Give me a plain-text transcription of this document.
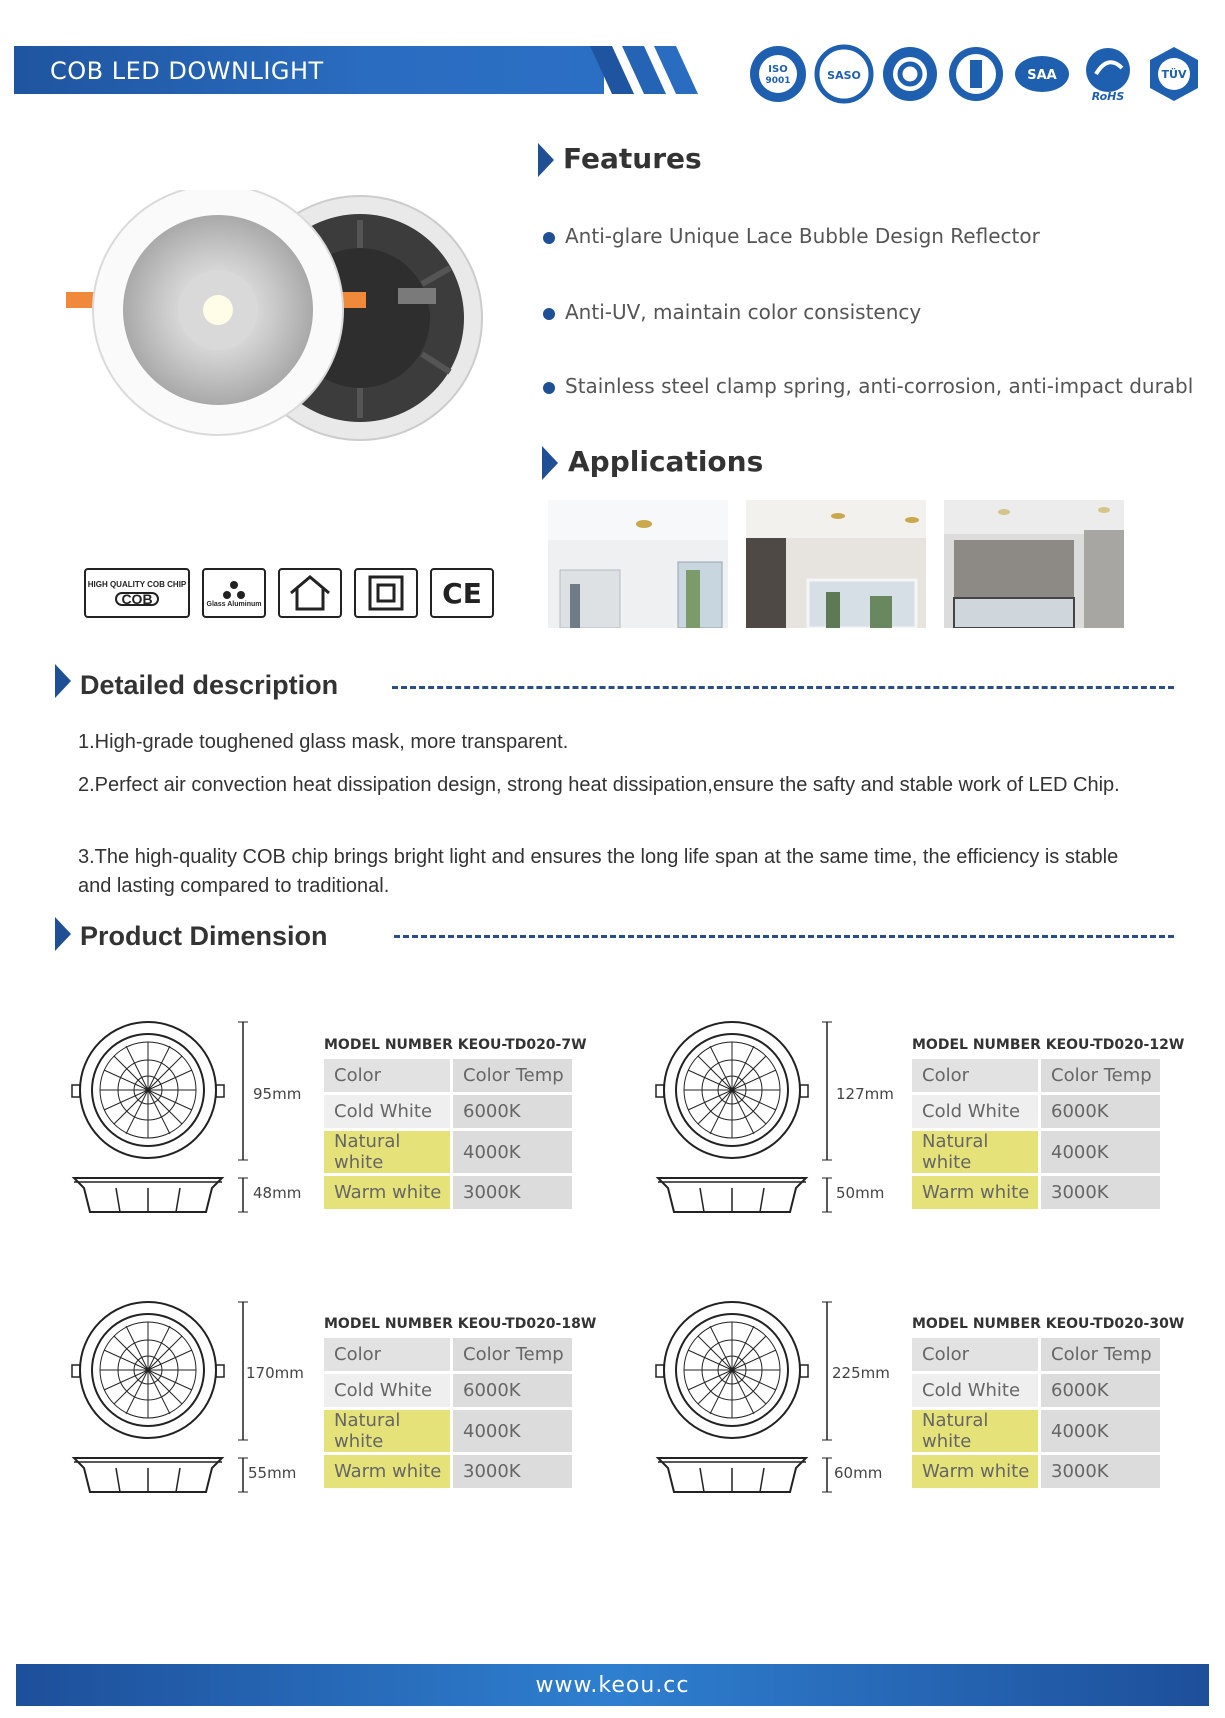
COB LED DOWNLIGHT	ISO
9001	SASO	SAA
RoHS
TÜV
Features
Anti-glare Unique Lace Bubble Design Reflector
Anti-UV, maintain color consistency
Stainless steel clamp spring, anti-corrosion, anti-impact durabl
Applications
HIGH QUALITY COB CHIP
COB	Glass Aluminum	CE
Detailed description
1.High-grade toughened glass mask, more transparent.
2.Perfect air convection heat dissipation design, strong heat dissipation,ensure the safty and stable work of LED Chip.
3.The high-quality COB chip brings bright light and ensures the long life span at the same time, the efficiency is stable and lasting compared to traditional.
Product Dimension
95mm
48mm
MODEL NUMBER KEOU-TD020-7W
Color	Color Temp
Cold White	6000K
Natural white	4000K
Warm white	3000K
127mm
50mm
MODEL NUMBER KEOU-TD020-12W
Color	Color Temp
Cold White	6000K
Natural white	4000K
Warm white	3000K
170mm
55mm
MODEL NUMBER KEOU-TD020-18W
Color	Color Temp
Cold White	6000K
Natural white	4000K
Warm white	3000K
225mm
60mm
MODEL NUMBER KEOU-TD020-30W
Color	Color Temp
Cold White	6000K
Natural white	4000K
Warm white	3000K
www.keou.cc
